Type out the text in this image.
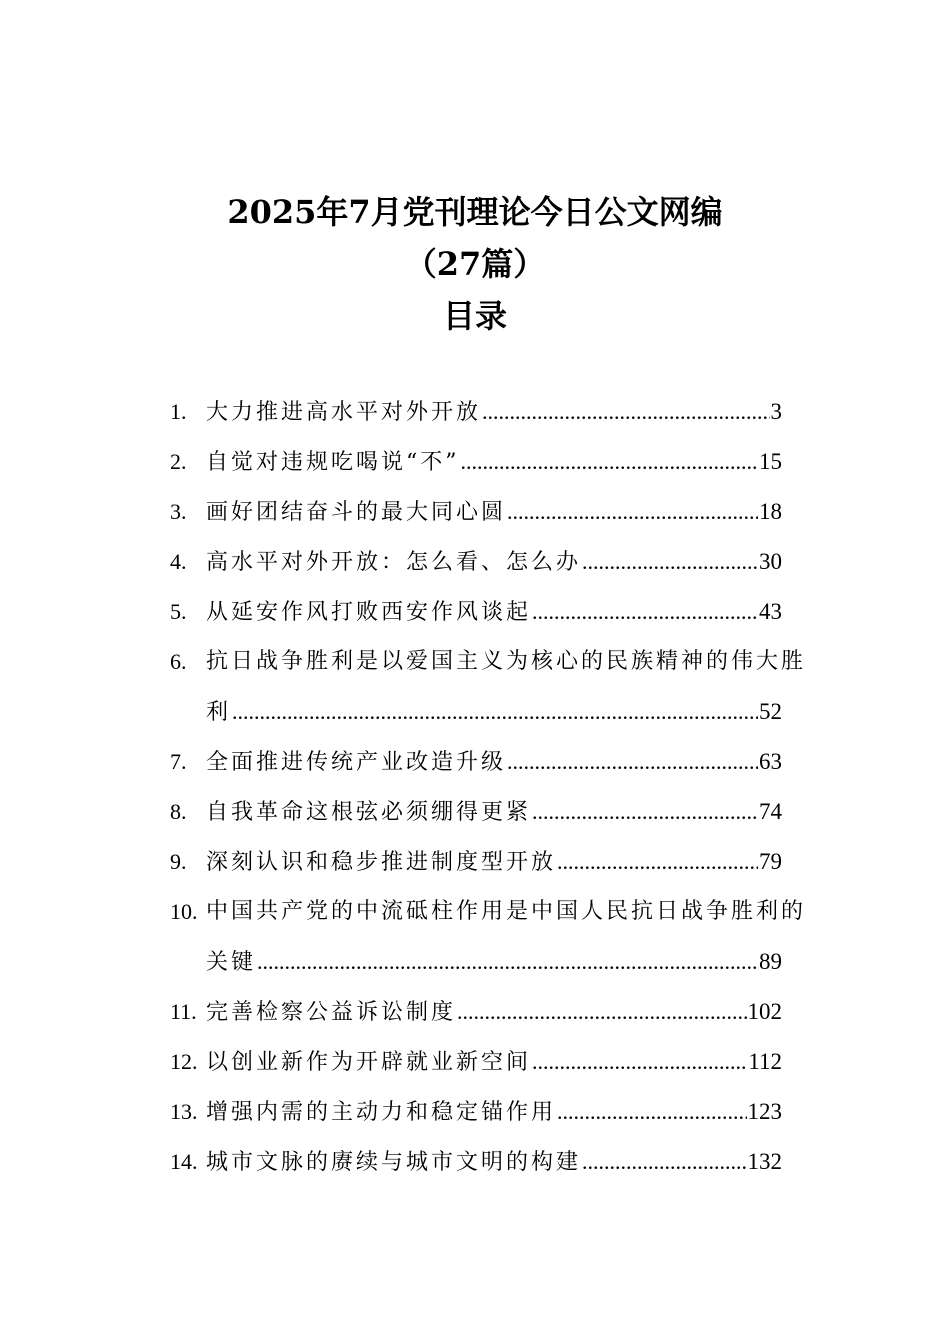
2025年7月党刊理论今日公文网编

（27篇）

目录

1. 大力推进高水平对外开放 .....	3
2. 自觉对违规吃喝说“不” .....	15
3. 画好团结奋斗的最大同心圆 .....	18
4. 高水平对外开放：怎么看、怎么办 .....	30
5. 从延安作风打败西安作风谈起 .....	43
6. 抗日战争胜利是以爱国主义为核心的民族精神的伟大胜
利 .....	52
7. 全面推进传统产业改造升级 .....	63
8. 自我革命这根弦必须绷得更紧 .....	74
9. 深刻认识和稳步推进制度型开放 .....	79
10. 中国共产党的中流砥柱作用是中国人民抗日战争胜利的
关键 .....	89
11. 完善检察公益诉讼制度 .....	102
12. 以创业新作为开辟就业新空间 .....	112
13. 增强内需的主动力和稳定锚作用 .....	123
14. 城市文脉的赓续与城市文明的构建 .....	132
